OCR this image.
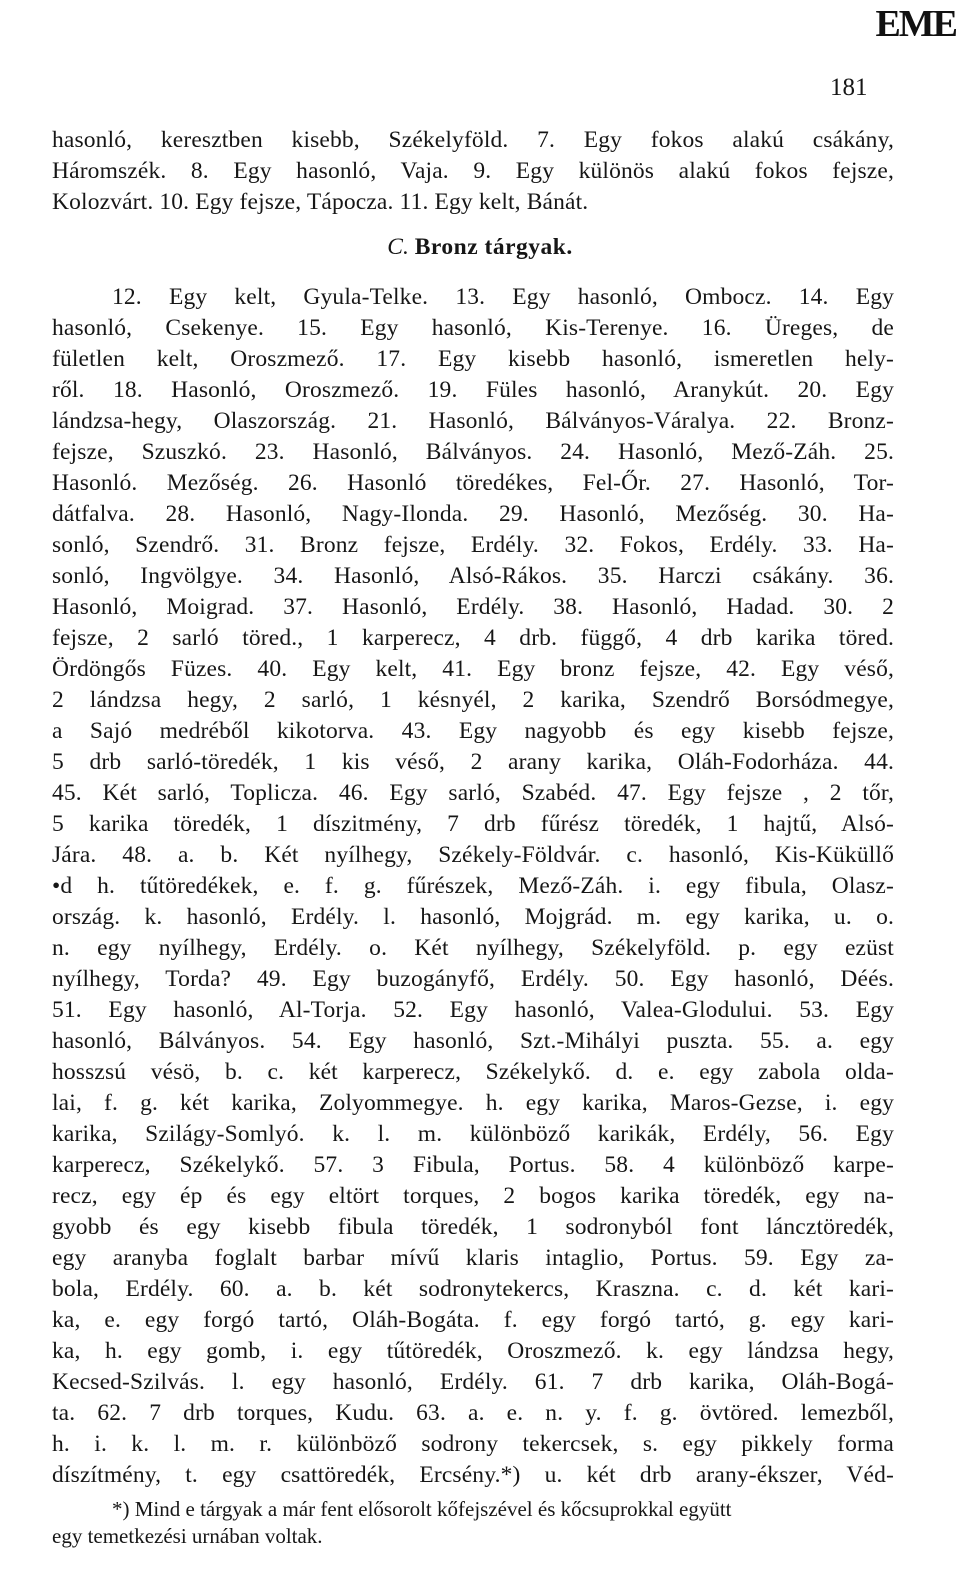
EME
181
hasonló, keresztben kisebb, Székelyföld. 7. Egy fokos alakú csákány,
Háromszék. 8. Egy hasonló, Vaja. 9. Egy különös alakú fokos fejsze,
Kolozvárt. 10. Egy fejsze, Tápocza. 11. Egy kelt, Bánát.
C. Bronz tárgyak.
12. Egy kelt, Gyula-Telke. 13. Egy hasonló, Ombocz. 14. Egy
hasonló, Csekenye. 15. Egy hasonló, Kis-Terenye. 16. Üreges, de
fületlen kelt, Oroszmező. 17. Egy kisebb hasonló, ismeretlen hely-
ről. 18. Hasonló, Oroszmező. 19. Füles hasonló, Aranykút. 20. Egy
lándzsa-hegy, Olaszország. 21. Hasonló, Bálványos-Váralya. 22. Bronz-
fejsze, Szuszkó. 23. Hasonló, Bálványos. 24. Hasonló, Mező-Záh. 25.
Hasonló. Mezőség. 26. Hasonló töredékes, Fel-Őr. 27. Hasonló, Tor-
dátfalva. 28. Hasonló, Nagy-Ilonda. 29. Hasonló, Mezőség. 30. Ha-
sonló, Szendrő. 31. Bronz fejsze, Erdély. 32. Fokos, Erdély. 33. Ha-
sonló, Ingvölgye. 34. Hasonló, Alsó-Rákos. 35. Harczi csákány. 36.
Hasonló, Moigrad. 37. Hasonló, Erdély. 38. Hasonló, Hadad. 30. 2
fejsze, 2 sarló töred., 1 karperecz, 4 drb. függő, 4 drb karika töred.
Ördöngős Füzes. 40. Egy kelt, 41. Egy bronz fejsze, 42. Egy véső,
2 lándzsa hegy, 2 sarló, 1 késnyél, 2 karika, Szendrő Borsódmegye,
a Sajó medréből kikotorva. 43. Egy nagyobb és egy kisebb fejsze,
5 drb sarló-töredék, 1 kis véső, 2 arany karika, Oláh-Fodorháza. 44.
45. Két sarló, Toplicza. 46. Egy sarló, Szabéd. 47. Egy fejsze , 2 tőr,
5 karika töredék, 1 díszitmény, 7 drb fűrész töredék, 1 hajtű, Alsó-
Jára. 48. a. b. Két nyílhegy, Székely-Földvár. c. hasonló, Kis-Küküllő
•d h. tűtöredékek, e. f. g. fűrészek, Mező-Záh. i. egy fibula, Olasz-
ország. k. hasonló, Erdély. l. hasonló, Mojgrád. m. egy karika, u. o.
n. egy nyílhegy, Erdély. o. Két nyílhegy, Székelyföld. p. egy ezüst
nyílhegy, Torda? 49. Egy buzogányfő, Erdély. 50. Egy hasonló, Déés.
51. Egy hasonló, Al-Torja. 52. Egy hasonló, Valea-Glodului. 53. Egy
hasonló, Bálványos. 54. Egy hasonló, Szt.-Mihályi puszta. 55. a. egy
hosszsú vésö, b. c. két karperecz, Székelykő. d. e. egy zabola olda-
lai, f. g. két karika, Zolyommegye. h. egy karika, Maros-Gezse, i. egy
karika, Szilágy-Somlyó. k. l. m. különböző karikák, Erdély, 56. Egy
karperecz, Székelykő. 57. 3 Fibula, Portus. 58. 4 különböző karpe-
recz, egy ép és egy eltört torques, 2 bogos karika töredék, egy na-
gyobb és egy kisebb fibula töredék, 1 sodronyból font láncztöredék,
egy aranyba foglalt barbar mívű klaris intaglio, Portus. 59. Egy za-
bola, Erdély. 60. a. b. két sodronytekercs, Kraszna. c. d. két kari-
ka, e. egy forgó tartó, Oláh-Bogáta. f. egy forgó tartó, g. egy kari-
ka, h. egy gomb, i. egy tűtöredék, Oroszmező. k. egy lándzsa hegy,
Kecsed-Szilvás. l. egy hasonló, Erdély. 61. 7 drb karika, Oláh-Bogá-
ta. 62. 7 drb torques, Kudu. 63. a. e. n. y. f. g. övtöred. lemezből,
h. i. k. l. m. r. különböző sodrony tekercsek, s. egy pikkely forma
díszítmény, t. egy csattöredék, Ercsény.*) u. két drb arany-ékszer, Véd-
*) Mind e tárgyak a már fent elősorolt kőfejszével és kőcsuprokkal együtt
egy temetkezési urnában voltak.
